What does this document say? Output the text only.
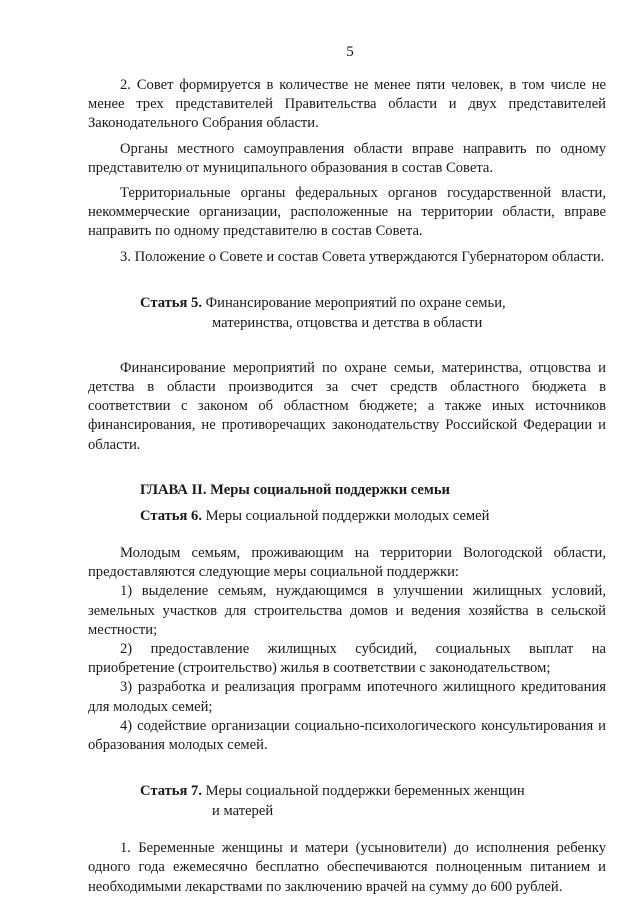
5

2. Совет формируется в количестве не менее пяти человек, в том числе не менее трех представителей Правительства области и двух представителей Законодательного Собрания области.

Органы местного самоуправления области вправе направить по одному представителю от муниципального образования в состав Совета.

Территориальные органы федеральных органов государственной власти, некоммерческие организации, расположенные на территории области, вправе направить по одному представителю в состав Совета.

3. Положение о Совете и состав Совета утверждаются Губернатором области.

Статья 5. Финансирование мероприятий по охране семьи,
материнства, отцовства и детства в области

Финансирование мероприятий по охране семьи, материнства, отцовства и детства в области производится за счет средств областного бюджета в соответствии с законом об областном бюджете; а также иных источников финансирования, не противоречащих законодательству Российской Федерации и области.

ГЛАВА II. Меры социальной поддержки семьи

Статья 6. Меры социальной поддержки молодых семей

Молодым семьям, проживающим на территории Вологодской области, предоставляются следующие меры социальной поддержки:

1) выделение семьям, нуждающимся в улучшении жилищных условий, земельных участков для строительства домов и ведения хозяйства в сельской местности;

2) предоставление жилищных субсидий, социальных выплат на приобретение (строительство) жилья в соответствии с законодательством;

3) разработка и реализация программ ипотечного жилищного кредитования для молодых семей;

4) содействие организации социально-психологического консультирования и образования молодых семей.

Статья 7. Меры социальной поддержки беременных женщин
и матерей

1. Беременные женщины и матери (усыновители) до исполнения ребенку одного года ежемесячно бесплатно обеспечиваются полноценным питанием и необходимыми лекарствами по заключению врачей на сумму до 600 рублей.
